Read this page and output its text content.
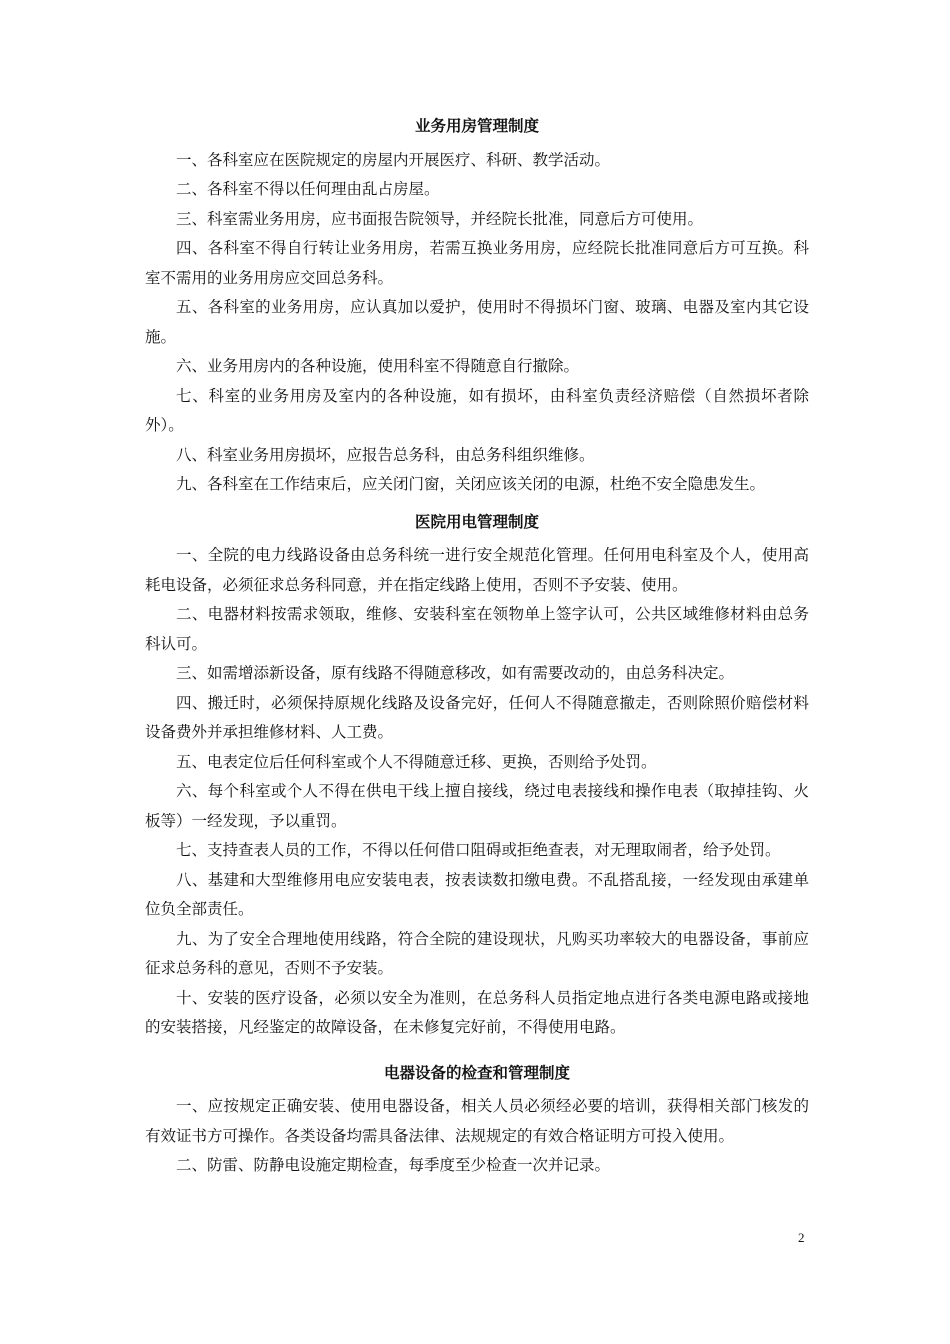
业务用房管理制度

一、各科室应在医院规定的房屋内开展医疗、科研、教学活动。

二、各科室不得以任何理由乱占房屋。

三、科室需业务用房，应书面报告院领导，并经院长批准，同意后方可使用。

四、各科室不得自行转让业务用房，若需互换业务用房，应经院长批准同意后方可互换。科室不需用的业务用房应交回总务科。

五、各科室的业务用房，应认真加以爱护，使用时不得损坏门窗、玻璃、电器及室内其它设施。

六、业务用房内的各种设施，使用科室不得随意自行撤除。

七、科室的业务用房及室内的各种设施，如有损坏，由科室负责经济赔偿（自然损坏者除外）。

八、科室业务用房损坏，应报告总务科，由总务科组织维修。

九、各科室在工作结束后，应关闭门窗，关闭应该关闭的电源，杜绝不安全隐患发生。

医院用电管理制度

一、全院的电力线路设备由总务科统一进行安全规范化管理。任何用电科室及个人，使用高耗电设备，必须征求总务科同意，并在指定线路上使用，否则不予安装、使用。

二、电器材料按需求领取，维修、安装科室在领物单上签字认可，公共区域维修材料由总务科认可。

三、如需增添新设备，原有线路不得随意移改，如有需要改动的，由总务科决定。

四、搬迁时，必须保持原规化线路及设备完好，任何人不得随意撤走，否则除照价赔偿材料设备费外并承担维修材料、人工费。

五、电表定位后任何科室或个人不得随意迁移、更换，否则给予处罚。

六、每个科室或个人不得在供电干线上擅自接线，绕过电表接线和操作电表（取掉挂钩、火板等）一经发现，予以重罚。

七、支持查表人员的工作，不得以任何借口阻碍或拒绝查表，对无理取闹者，给予处罚。

八、基建和大型维修用电应安装电表，按表读数扣缴电费。不乱搭乱接，一经发现由承建单位负全部责任。

九、为了安全合理地使用线路，符合全院的建设现状，凡购买功率较大的电器设备，事前应征求总务科的意见，否则不予安装。

十、安装的医疗设备，必须以安全为准则，在总务科人员指定地点进行各类电源电路或接地的安装搭接，凡经鉴定的故障设备，在未修复完好前，不得使用电路。

电器设备的检查和管理制度

一、应按规定正确安装、使用电器设备，相关人员必须经必要的培训，获得相关部门核发的有效证书方可操作。各类设备均需具备法律、法规规定的有效合格证明方可投入使用。

二、防雷、防静电设施定期检查，每季度至少检查一次并记录。

2
